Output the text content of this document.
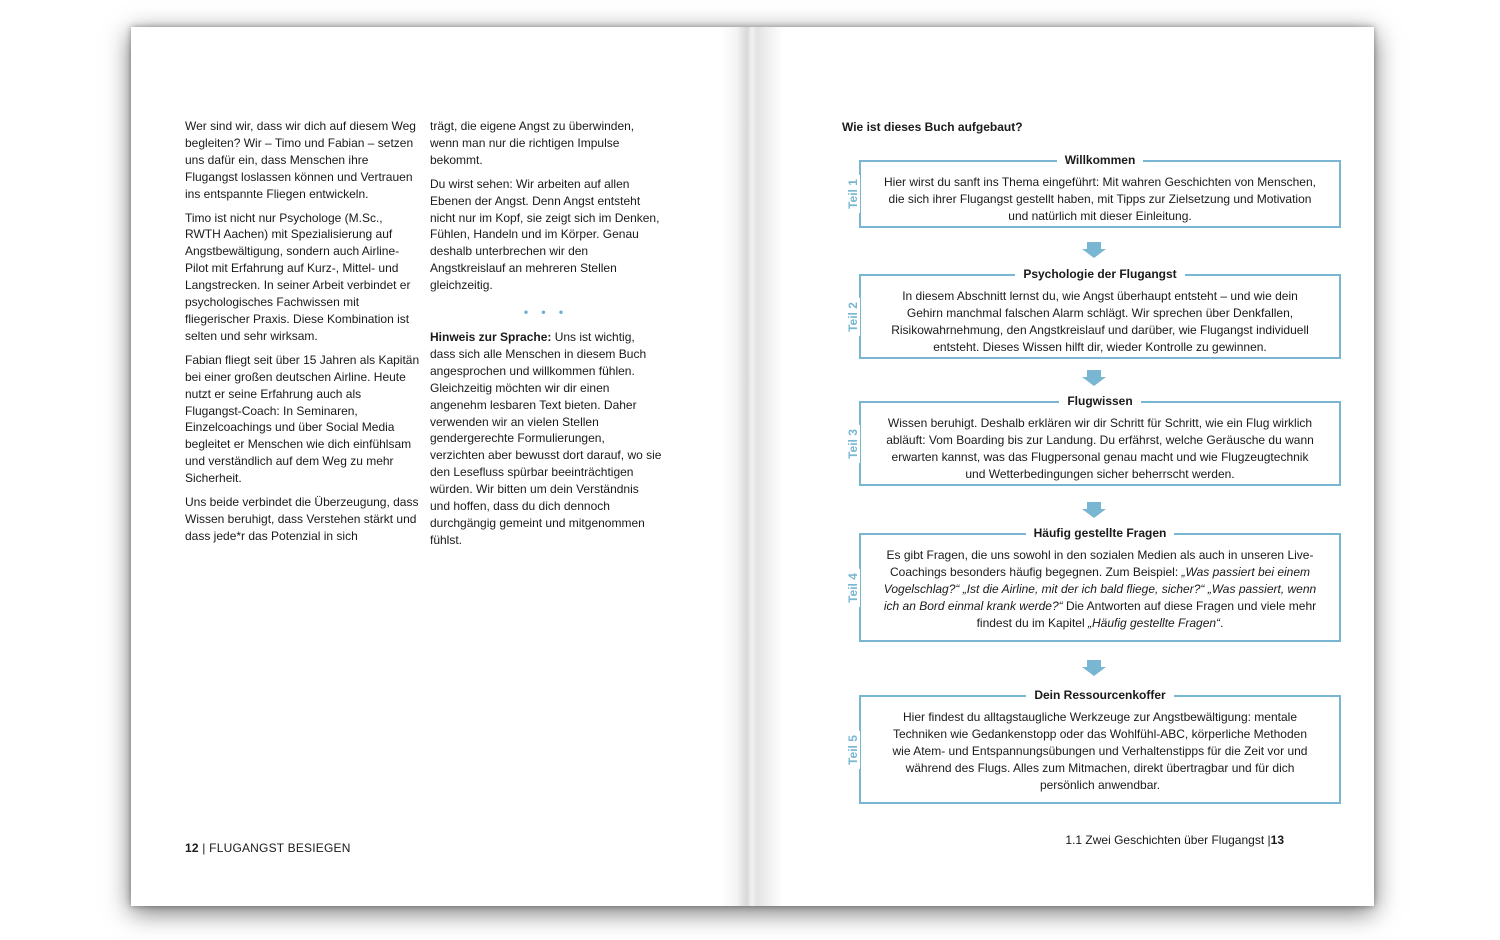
Wer sind wir, dass wir dich auf diesem Weg begleiten? Wir – Timo und Fabian – setzen uns dafür ein, dass Menschen ihre Flugangst loslassen können und Vertrauen ins entspannte Fliegen entwickeln.

Timo ist nicht nur Psychologe (M.Sc., RWTH Aachen) mit Spezialisierung auf Angstbewältigung, sondern auch Airline-Pilot mit Erfahrung auf Kurz-, Mittel- und Langstrecken. In seiner Arbeit verbindet er psychologisches Fachwissen mit fliegerischer Praxis. Diese Kombination ist selten und sehr wirksam.

Fabian fliegt seit über 15 Jahren als Kapitän bei einer großen deutschen Airline. Heute nutzt er seine Erfahrung auch als Flugangst-Coach: In Seminaren, Einzelcoachings und über Social Media begleitet er Menschen wie dich einfühlsam und verständlich auf dem Weg zu mehr Sicherheit.

Uns beide verbindet die Überzeugung, dass Wissen beruhigt, dass Verstehen stärkt und dass jede*r das Potenzial in sich

trägt, die eigene Angst zu überwinden, wenn man nur die richtigen Impulse bekommt.

Du wirst sehen: Wir arbeiten auf allen Ebenen der Angst. Denn Angst entsteht nicht nur im Kopf, sie zeigt sich im Denken, Fühlen, Handeln und im Körper. Genau deshalb unterbrechen wir den Angstkreislauf an mehreren Stellen gleichzeitig.

• • •

Hinweis zur Sprache: Uns ist wichtig, dass sich alle Menschen in diesem Buch angesprochen und willkommen fühlen. Gleichzeitig möchten wir dir einen angenehm lesbaren Text bieten. Daher verwenden wir an vielen Stellen gendergerechte Formulierungen, verzichten aber bewusst dort darauf, wo sie den Lesefluss spürbar beeinträchtigen würden. Wir bitten um dein Verständnis und hoffen, dass du dich dennoch durchgängig gemeint und mitgenommen fühlst.

12 | FLUGANGST BESIEGEN
Wie ist dieses Buch aufgebaut?
Willkommen
Teil 1	Hier wirst du sanft ins Thema eingeführt: Mit wahren Geschichten von Menschen, die sich ihrer Flugangst gestellt haben, mit Tipps zur Zielsetzung und Motivation und natürlich mit dieser Einleitung.
Psychologie der Flugangst
Teil 2
In diesem Abschnitt lernst du, wie Angst überhaupt entsteht – und wie dein Gehirn manchmal falschen Alarm schlägt. Wir sprechen über Denkfallen, Risikowahrnehmung, den Angstkreislauf und darüber, wie Flugangst individuell entsteht. Dieses Wissen hilft dir, wieder Kontrolle zu gewinnen.
Flugwissen
Teil 3
Wissen beruhigt. Deshalb erklären wir dir Schritt für Schritt, wie ein Flug wirklich abläuft: Vom Boarding bis zur Landung. Du erfährst, welche Geräusche du wann erwarten kannst, was das Flugpersonal genau macht und wie Flugzeugtechnik und Wetterbedingungen sicher beherrscht werden.
Häufig gestellte Fragen
Teil 4
Es gibt Fragen, die uns sowohl in den sozialen Medien als auch in unseren Live-Coachings besonders häufig begegnen. Zum Beispiel: „Was passiert bei einem Vogelschlag?“ „Ist die Airline, mit der ich bald fliege, sicher?“ „Was passiert, wenn ich an Bord einmal krank werde?“ Die Antworten auf diese Fragen und viele mehr findest du im Kapitel „Häufig gestellte Fragen“.
Dein Ressourcenkoffer
Teil 5
Hier findest du alltagstaugliche Werkzeuge zur Angstbewältigung: mentale Techniken wie Gedankenstopp oder das Wohlfühl-ABC, körperliche Methoden wie Atem- und Entspannungsübungen und Verhaltenstipps für die Zeit vor und während des Flugs. Alles zum Mitmachen, direkt übertragbar und für dich persönlich anwendbar.
1.1 Zwei Geschichten über Flugangst |13
